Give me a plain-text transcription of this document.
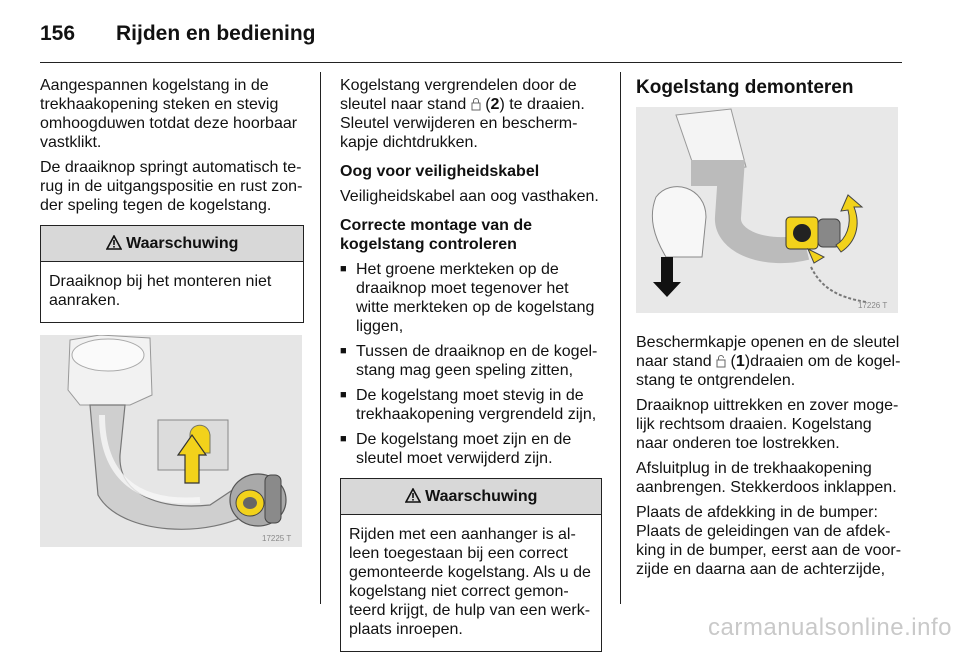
156 Rijden en bediening

Aangespannen kogelstang in de trekhaakopening steken en stevig omhoogduwen totdat deze hoorbaar vastklikt.

De draaiknop springt automatisch terug in de uitgangspositie en rust zonder speling tegen de kogelstang.

Waarschuwing
Draaiknop bij het monteren niet aanraken.
17225 T

Kogelstang vergrendelen door de sleutel naar stand  (2) te draaien. Sleutel verwijderen en beschermkapje dichtdrukken.

Oog voor veiligheidskabel

Veiligheidskabel aan oog vasthaken.

Correcte montage van de kogelstang controleren

■ Het groene merkteken op de draaiknop moet tegenover het witte merkteken op de kogelstang liggen,
■ Tussen de draaiknop en de kogelstang mag geen speling zitten,
■ De kogelstang moet stevig in de trekhaakopening vergrendeld zijn,
■ De kogelstang moet zijn en de sleutel moet verwijderd zijn.
Waarschuwing
Rijden met een aanhanger is alleen toegestaan bij een correct gemonteerde kogelstang. Als u de kogelstang niet correct gemonteerd krijgt, de hulp van een werkplaats inroepen.
Kogelstang demonteren
17226 T

Beschermkapje openen en de sleutel naar stand  (1)draaien om de kogelstang te ontgrendelen.

Draaiknop uittrekken en zover mogelijk rechtsom draaien. Kogelstang naar onderen toe lostrekken.

Afsluitplug in de trekhaakopening aanbrengen. Stekkerdoos inklappen.

Plaats de afdekking in de bumper: Plaats de geleidingen van de afdekking in de bumper, eerst aan de voorzijde en daarna aan de achterzijde,

carmanualsonline.info
